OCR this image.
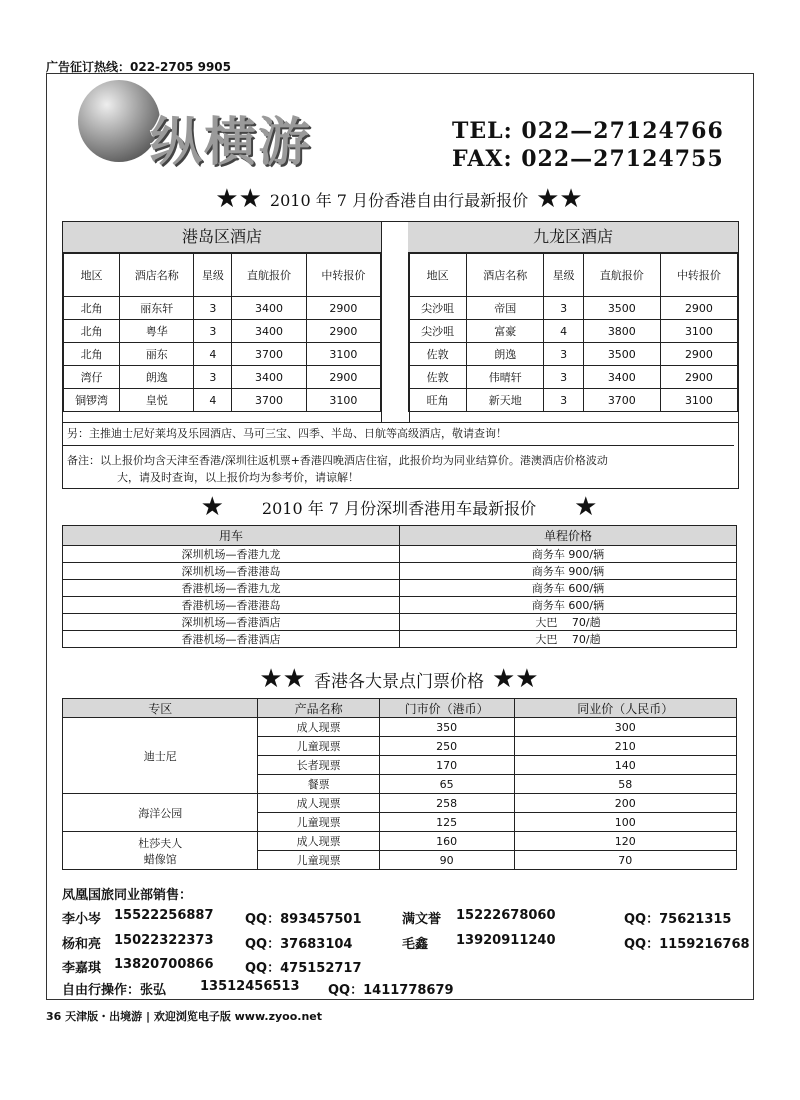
广告征订热线：022-2705 9905
纵横游	TEL: 022—27124766
FAX: 022—27124755
★★ 2010 年 7 月份香港自由行最新报价 ★★
港岛区酒店
地区	酒店名称	星级	直航报价	中转报价
北角	丽东轩	3	3400	2900
北角	粤华	3	3400	2900
北角	丽东	4	3700	3100
湾仔	朗逸	3	3400	2900
铜锣湾	皇悦	4	3700	3100
九龙区酒店
地区	酒店名称	星级	直航报价	中转报价
尖沙咀	帝国	3	3500	2900
尖沙咀	富豪	4	3800	3100
佐敦	朗逸	3	3500	2900
佐敦	伟晴轩	3	3400	2900
旺角	新天地	3	3700	3100
另：主推迪士尼好莱坞及乐园酒店、马可三宝、四季、半岛、日航等高级酒店，敬请查询！
备注：以上报价均含天津至香港/深圳往返机票+香港四晚酒店住宿，此报价均为同业结算价。港澳酒店价格波动
大，请及时查询，以上报价均为参考价，请谅解！
★ 2010 年 7 月份深圳香港用车最新报价 ★
用车	单程价格
深圳机场—香港九龙	商务车 900/辆
深圳机场—香港港岛	商务车 900/辆
香港机场—香港九龙	商务车 600/辆
香港机场—香港港岛	商务车 600/辆
深圳机场—香港酒店	大巴　 70/趟
香港机场—香港酒店	大巴　 70/趟
★★ 香港各大景点门票价格 ★★
专区	产品名称	门市价（港币）	同业价（人民币）

迪士尼	成人现票	350	300
	儿童现票	250	210
	长者现票	170	140
	餐票	65	58

海洋公园	成人现票	258	200
	儿童现票	125	100

杜莎夫人
蜡像馆	成人现票	160	120
	儿童现票	90	70
凤凰国旅同业部销售：
李小岑 15522256887 QQ：893457501	满文誉 15222678060	QQ：75621315
杨和亮 15022322373 QQ：37683104	毛鑫 13920911240	QQ：1159216768
李嘉琪 13820700866 QQ：475152717
自由行操作：张弘	13512456513 QQ：1411778679
36 天津版・出境游 | 欢迎浏览电子版 www.zyoo.net
